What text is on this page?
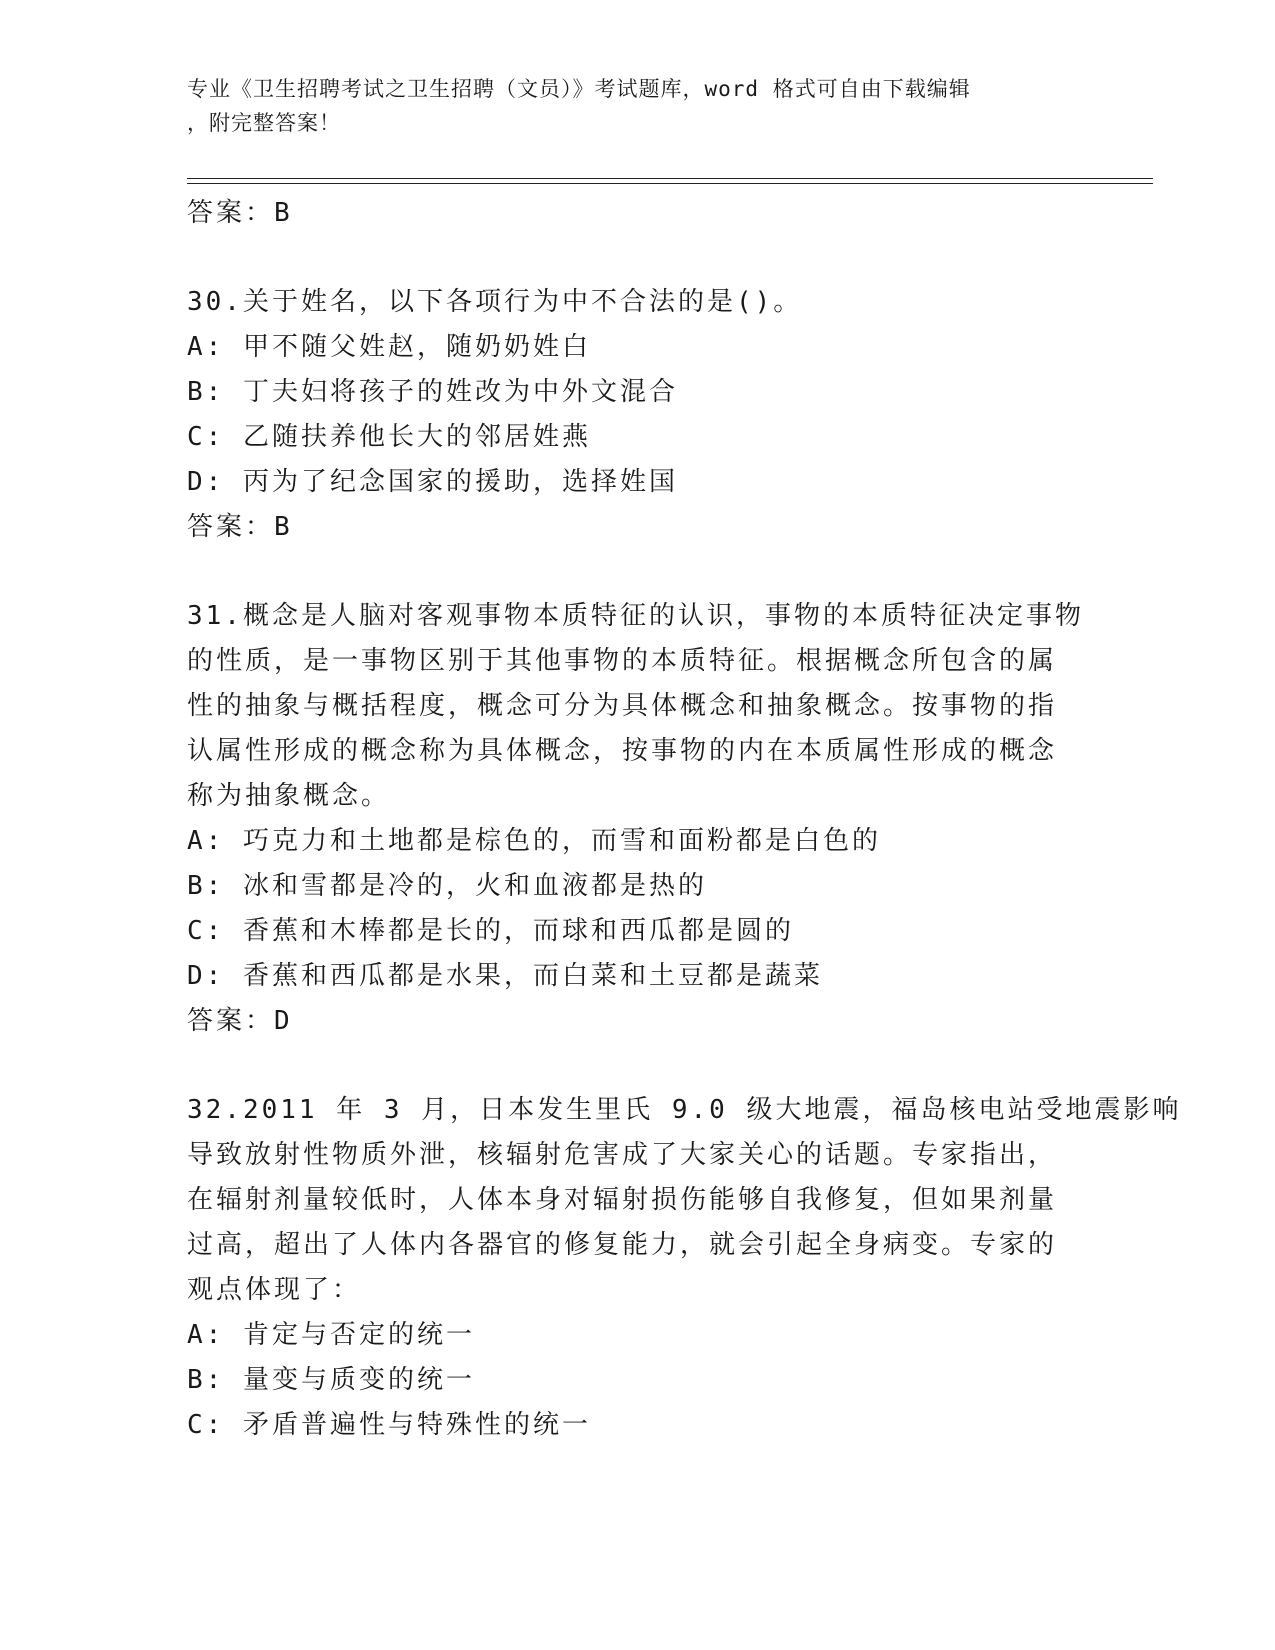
专业《卫生招聘考试之卫生招聘（文员）》考试题库，word 格式可自由下载编辑
，附完整答案！
答案：B
30.关于姓名，以下各项行为中不合法的是()。
A: 甲不随父姓赵，随奶奶姓白
B: 丁夫妇将孩子的姓改为中外文混合
C: 乙随扶养他长大的邻居姓燕
D: 丙为了纪念国家的援助，选择姓国
答案：B
31.概念是人脑对客观事物本质特征的认识，事物的本质特征决定事物
的性质，是一事物区别于其他事物的本质特征。根据概念所包含的属
性的抽象与概括程度，概念可分为具体概念和抽象概念。按事物的指
认属性形成的概念称为具体概念，按事物的内在本质属性形成的概念
称为抽象概念。
A: 巧克力和土地都是棕色的，而雪和面粉都是白色的
B: 冰和雪都是冷的，火和血液都是热的
C: 香蕉和木棒都是长的，而球和西瓜都是圆的
D: 香蕉和西瓜都是水果，而白菜和土豆都是蔬菜
答案：D
32.2011 年 3 月，日本发生里氏 9.0 级大地震，福岛核电站受地震影响
导致放射性物质外泄，核辐射危害成了大家关心的话题。专家指出，
在辐射剂量较低时，人体本身对辐射损伤能够自我修复，但如果剂量
过高，超出了人体内各器官的修复能力，就会引起全身病变。专家的
观点体现了：
A: 肯定与否定的统一
B: 量变与质变的统一
C: 矛盾普遍性与特殊性的统一
